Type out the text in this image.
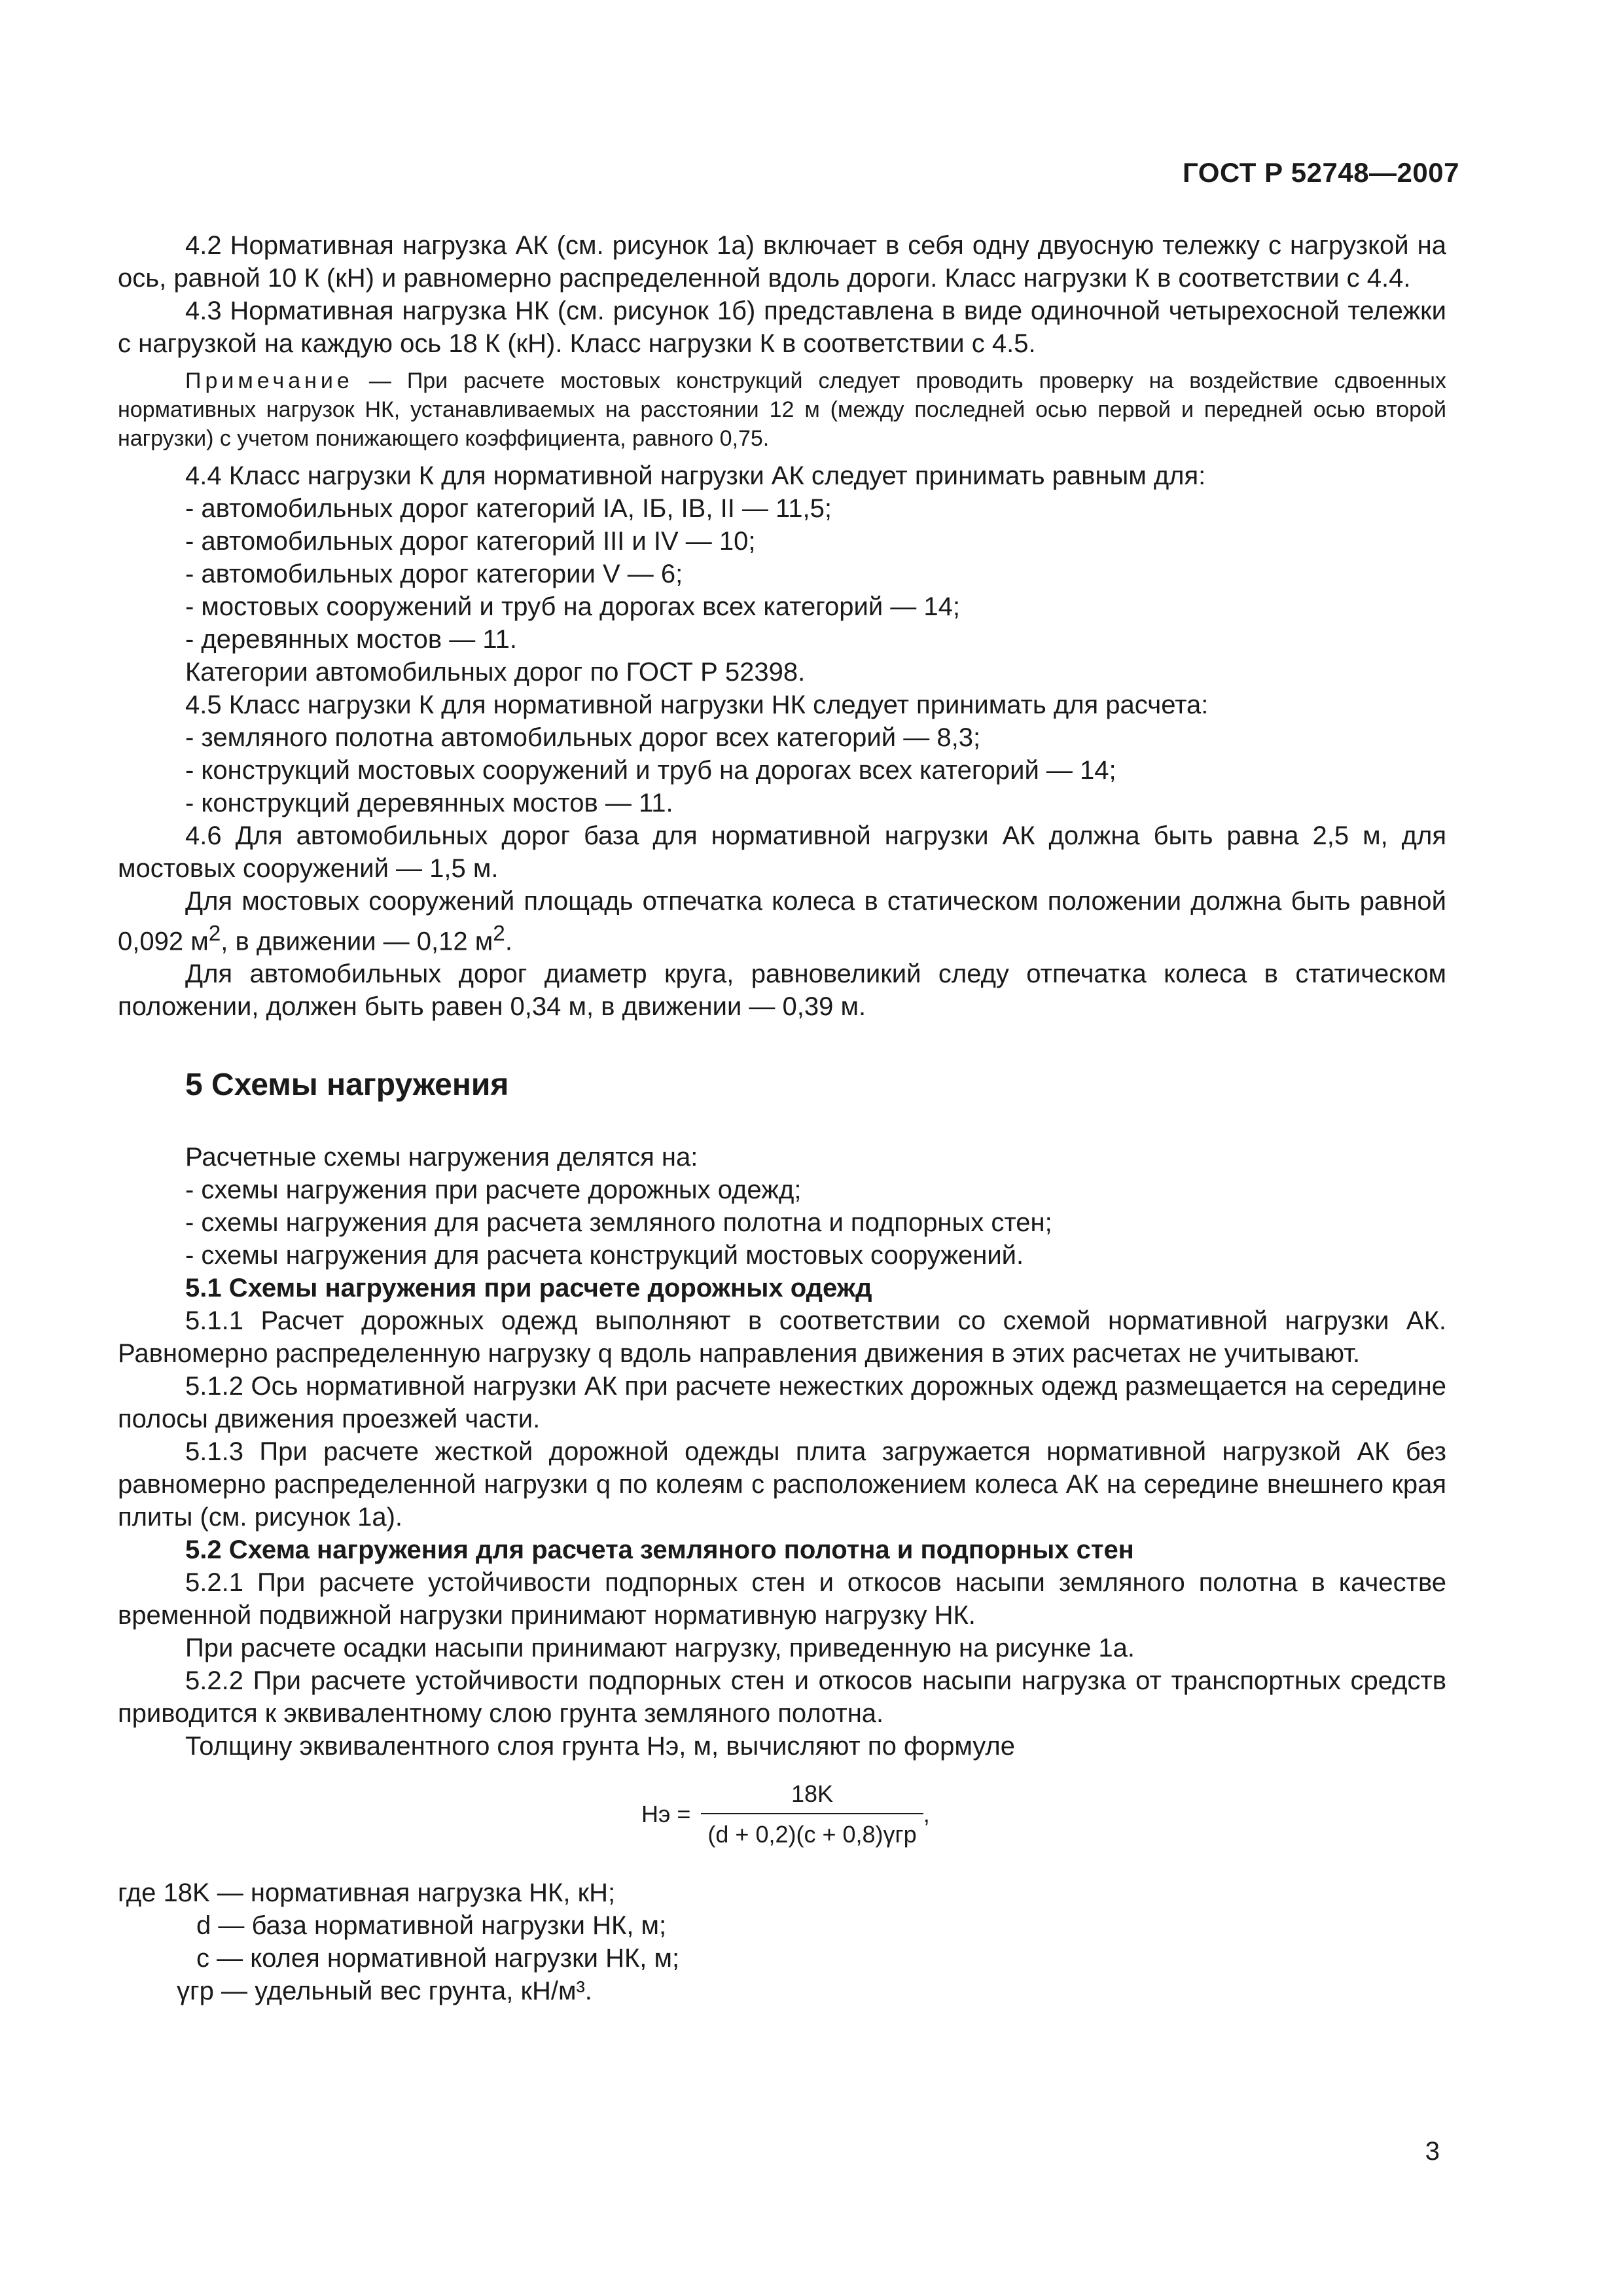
ГОСТ Р 52748—2007

4.2 Нормативная нагрузка АК (см. рисунок 1а) включает в себя одну двуосную тележку с нагрузкой на ось, равной 10 К (кН) и равномерно распределенной вдоль дороги. Класс нагрузки К в соответствии с 4.4.

4.3 Нормативная нагрузка НК (см. рисунок 1б) представлена в виде одиночной четырехосной тележки с нагрузкой на каждую ось 18 К (кН). Класс нагрузки К в соответствии с 4.5.

Примечание — При расчете мостовых конструкций следует проводить проверку на воздействие сдвоенных нормативных нагрузок НК, устанавливаемых на расстоянии 12 м (между последней осью первой и передней осью второй нагрузки) с учетом понижающего коэффициента, равного 0,75.

4.4 Класс нагрузки К для нормативной нагрузки АК следует принимать равным для:

- автомобильных дорог категорий IA, IБ, IB, II — 11,5;

- автомобильных дорог категорий III и IV — 10;

- автомобильных дорог категории V — 6;

- мостовых сооружений и труб на дорогах всех категорий — 14;

- деревянных мостов — 11.

Категории автомобильных дорог по ГОСТ Р 52398.

4.5 Класс нагрузки К для нормативной нагрузки НК следует принимать для расчета:

- земляного полотна автомобильных дорог всех категорий — 8,3;

- конструкций мостовых сооружений и труб на дорогах всех категорий — 14;

- конструкций деревянных мостов — 11.

4.6 Для автомобильных дорог база для нормативной нагрузки АК должна быть равна 2,5 м, для мостовых сооружений — 1,5 м.

Для мостовых сооружений площадь отпечатка колеса в статическом положении должна быть равной 0,092 $м^2$, в движении — 0,12 $м^2$.

Для автомобильных дорог диаметр круга, равновеликий следу отпечатка колеса в статическом положении, должен быть равен 0,34 м, в движении — 0,39 м.

5 Схемы нагружения

Расчетные схемы нагружения делятся на:

- схемы нагружения при расчете дорожных одежд;

- схемы нагружения для расчета земляного полотна и подпорных стен;

- схемы нагружения для расчета конструкций мостовых сооружений.

5.1 Схемы нагружения при расчете дорожных одежд

5.1.1 Расчет дорожных одежд выполняют в соответствии со схемой нормативной нагрузки АК. Равномерно распределенную нагрузку q вдоль направления движения в этих расчетах не учитывают.

5.1.2 Ось нормативной нагрузки АК при расчете нежестких дорожных одежд размещается на середине полосы движения проезжей части.

5.1.3 При расчете жесткой дорожной одежды плита загружается нормативной нагрузкой АК без равномерно распределенной нагрузки q по колеям с расположением колеса АК на середине внешнего края плиты (см. рисунок 1а).

5.2 Схема нагружения для расчета земляного полотна и подпорных стен

5.2.1 При расчете устойчивости подпорных стен и откосов насыпи земляного полотна в качестве временной подвижной нагрузки принимают нормативную нагрузку НК.

При расчете осадки насыпи принимают нагрузку, приведенную на рисунке 1а.

5.2.2 При расчете устойчивости подпорных стен и откосов насыпи нагрузка от транспортных средств приводится к эквивалентному слою грунта земляного полотна.

Толщину эквивалентного слоя грунта Hэ, м, вычисляют по формуле

Hэ = $\frac{18K}{\text{(d + 0,2)(c + 0,8)γгр}}$ ,

где 18K — нормативная нагрузка НК, кН;

d — база нормативной нагрузки НК, м;

c — колея нормативной нагрузки НК, м;

γгр — удельный вес грунта, кН/м³.

3
